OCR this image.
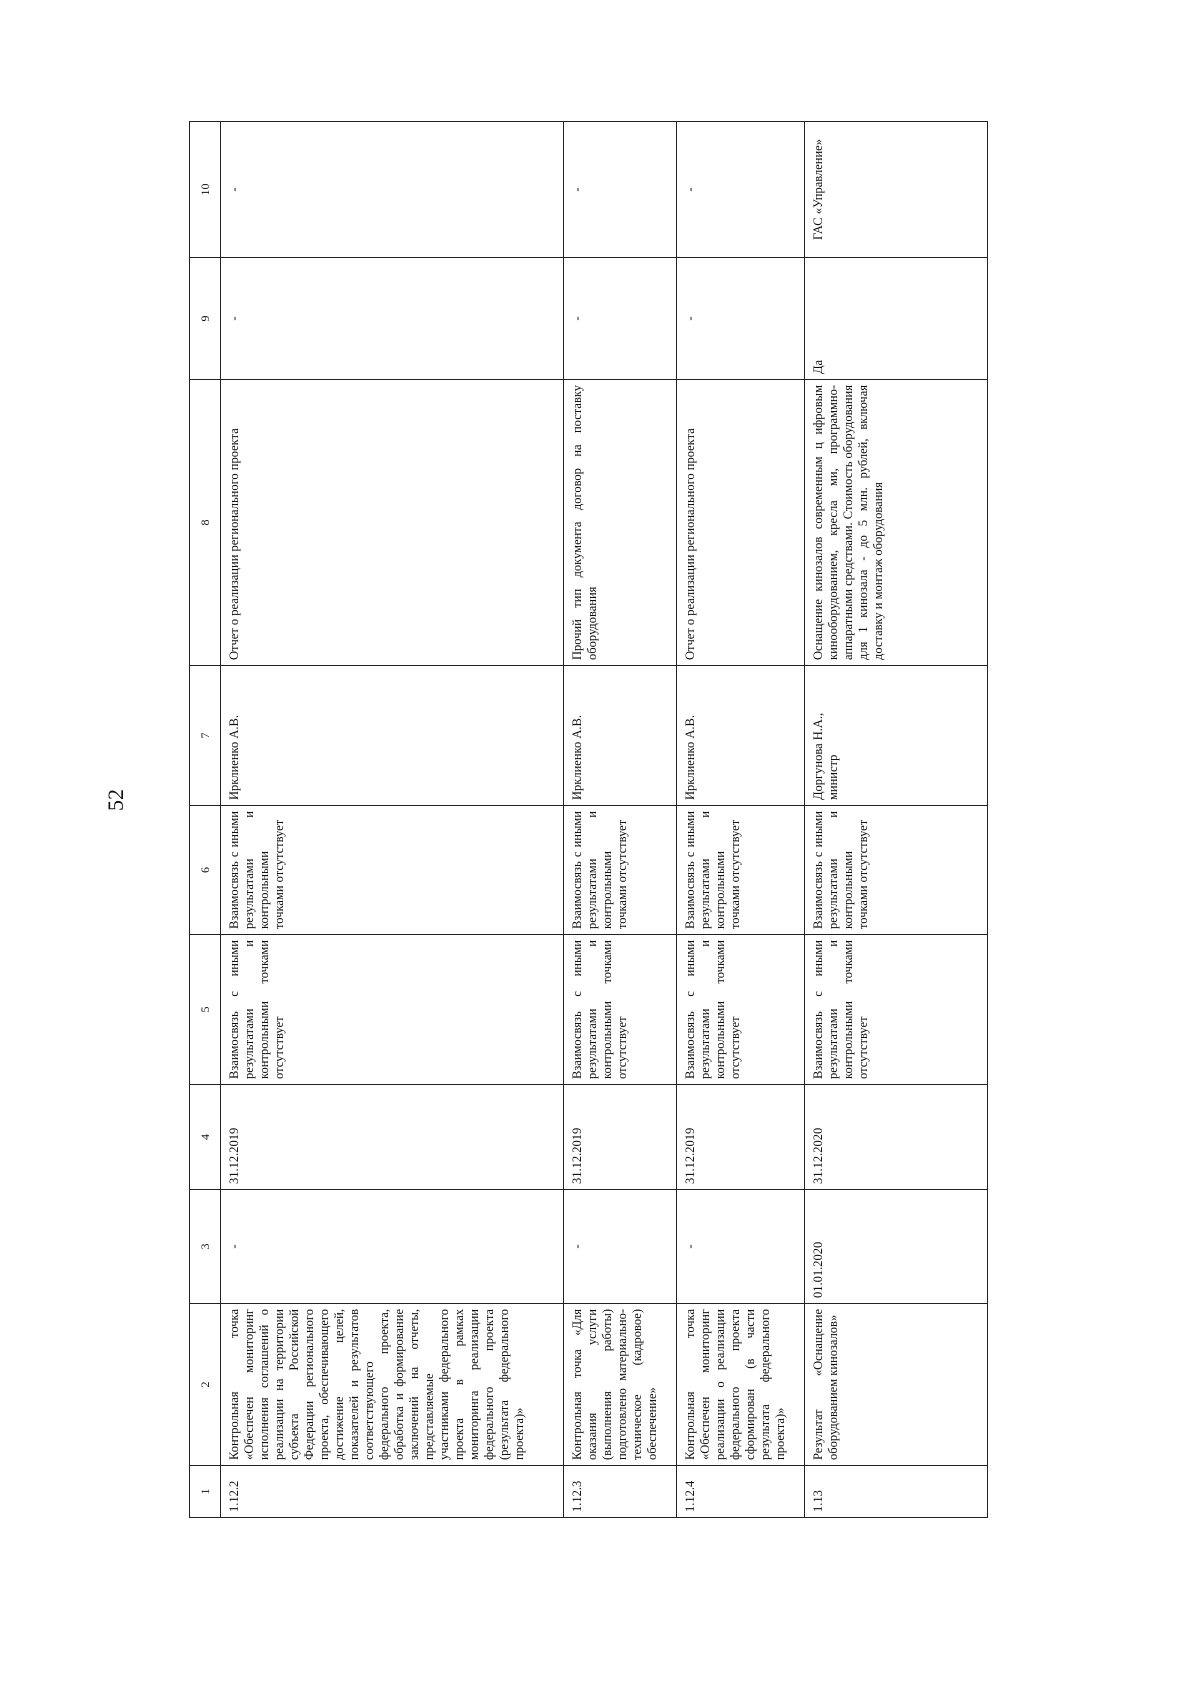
52
1	2	3	4	5	6	7	8	9	10
1.12.2	Контрольная точка «Обеспечен мониторинг исполнения соглашений о реализации на территории субъекта Российской Федерации регионального проекта, обеспечивающего достижение целей, показателей и результатов соответствующего федерального проекта, обработка и формирование заключений на отчеты, представляемые участниками федерального проекта в рамках мониторинга реализации федерального проекта (результата федерального проекта)»	-	31.12.2019	Взаимосвязь с иными результатами и контрольными точками отсутствует	Взаимосвязь с иными результатами и контрольными точками отсутствует	Ирклиенко А.В.	Отчет о реализации регионального проекта	-	-
1.12.3	Контрольная точка «Для оказания услуги (выполнения работы) подготовлено материально-техническое (кадровое) обеспечение»	-	31.12.2019	Взаимосвязь с иными результатами и контрольными точками отсутствует	Взаимосвязь с иными результатами и контрольными точками отсутствует	Ирклиенко А.В.	Прочий тип документа договор на поставку оборудования	-	-
1.12.4	Контрольная точка «Обеспечен мониторинг реализации о реализации федерального проекта сформирован (в части результата федерального проекта)»	-	31.12.2019	Взаимосвязь с иными результатами и контрольными точками отсутствует	Взаимосвязь с иными результатами и контрольными точками отсутствует	Ирклиенко А.В.	Отчет о реализации регионального проекта	-	-
1.13	Результат «Оснащение оборудованием кинозалов»	01.01.2020	31.12.2020	Взаимосвязь с иными результатами и контрольными точками отсутствует	Взаимосвязь с иными результатами и контрольными точками отсутствует	Доргунова Н.А., министр	Оснащение кинозалов современным ц ифровым кинооборудованием, кресла ми, программно-аппаратными средствами. Стоимость оборудования для 1 кинозала - до 5 млн. рублей, включая доставку и монтаж оборудования	Да	ГАС «Управление»
